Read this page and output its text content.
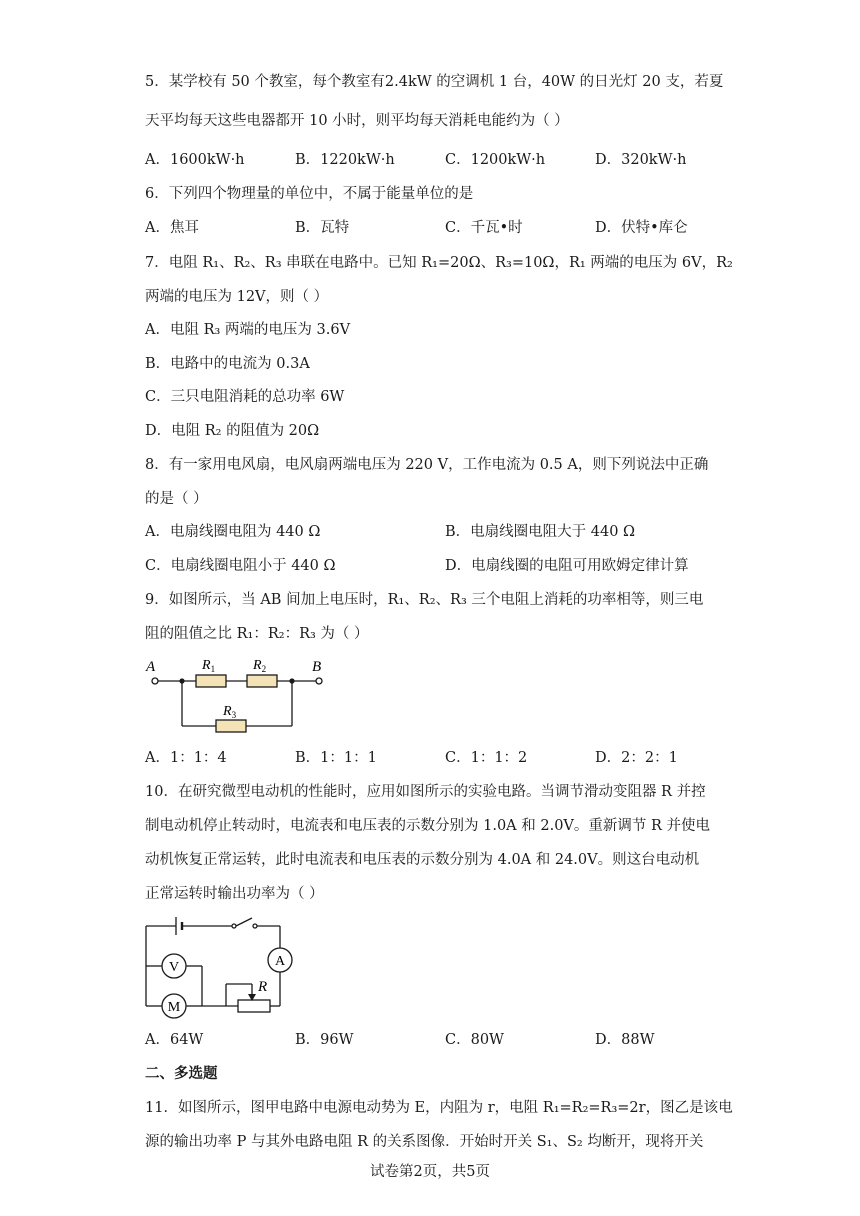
5．某学校有 50 个教室，每个教室有2.4kW 的空调机 1 台，40W 的日光灯 20 支，若夏
天平均每天这些电器都开 10 小时，则平均每天消耗电能约为（ ）
A．1600kW·h	B．1220kW·h	C．1200kW·h	D．320kW·h
6．下列四个物理量的单位中，不属于能量单位的是
A．焦耳	B．瓦特	C．千瓦•时	D．伏特•库仑
7．电阻 R₁、R₂、R₃ 串联在电路中。已知 R₁=20Ω、R₃=10Ω，R₁ 两端的电压为 6V，R₂
两端的电压为 12V，则（ ）
A．电阻 R₃ 两端的电压为 3.6V
B．电路中的电流为 0.3A
C．三只电阻消耗的总功率 6W
D．电阻 R₂ 的阻值为 20Ω
8．有一家用电风扇，电风扇两端电压为 220 V，工作电流为 0.5 A，则下列说法中正确
的是（ ）
A．电扇线圈电阻为 440 Ω	B．电扇线圈电阻大于 440 Ω
C．电扇线圈电阻小于 440 Ω	D．电扇线圈的电阻可用欧姆定律计算
9．如图所示，当 AB 间加上电压时，R₁、R₂、R₃ 三个电阻上消耗的功率相等，则三电
阻的阻值之比 R₁：R₂：R₃ 为（ ）
A	B
$R_1$	$R_2$
$R_3$
A．1：1：4	B．1：1：1	C．1：1：2	D．2：2：1
10．在研究微型电动机的性能时，应用如图所示的实验电路。当调节滑动变阻器 R 并控
制电动机停止转动时，电流表和电压表的示数分别为 1.0A 和 2.0V。重新调节 R 并使电
动机恢复正常运转，此时电流表和电压表的示数分别为 4.0A 和 24.0V。则这台电动机
正常运转时输出功率为（ ）
A
V
M
R
A．64W	B．96W	C．80W	D．88W
二、多选题
11．如图所示，图甲电路中电源电动势为 E，内阻为 r，电阻 R₁=R₂=R₃=2r，图乙是该电
源的输出功率 P 与其外电路电阻 R 的关系图像．开始时开关 S₁、S₂ 均断开，现将开关
试卷第2页，共5页
